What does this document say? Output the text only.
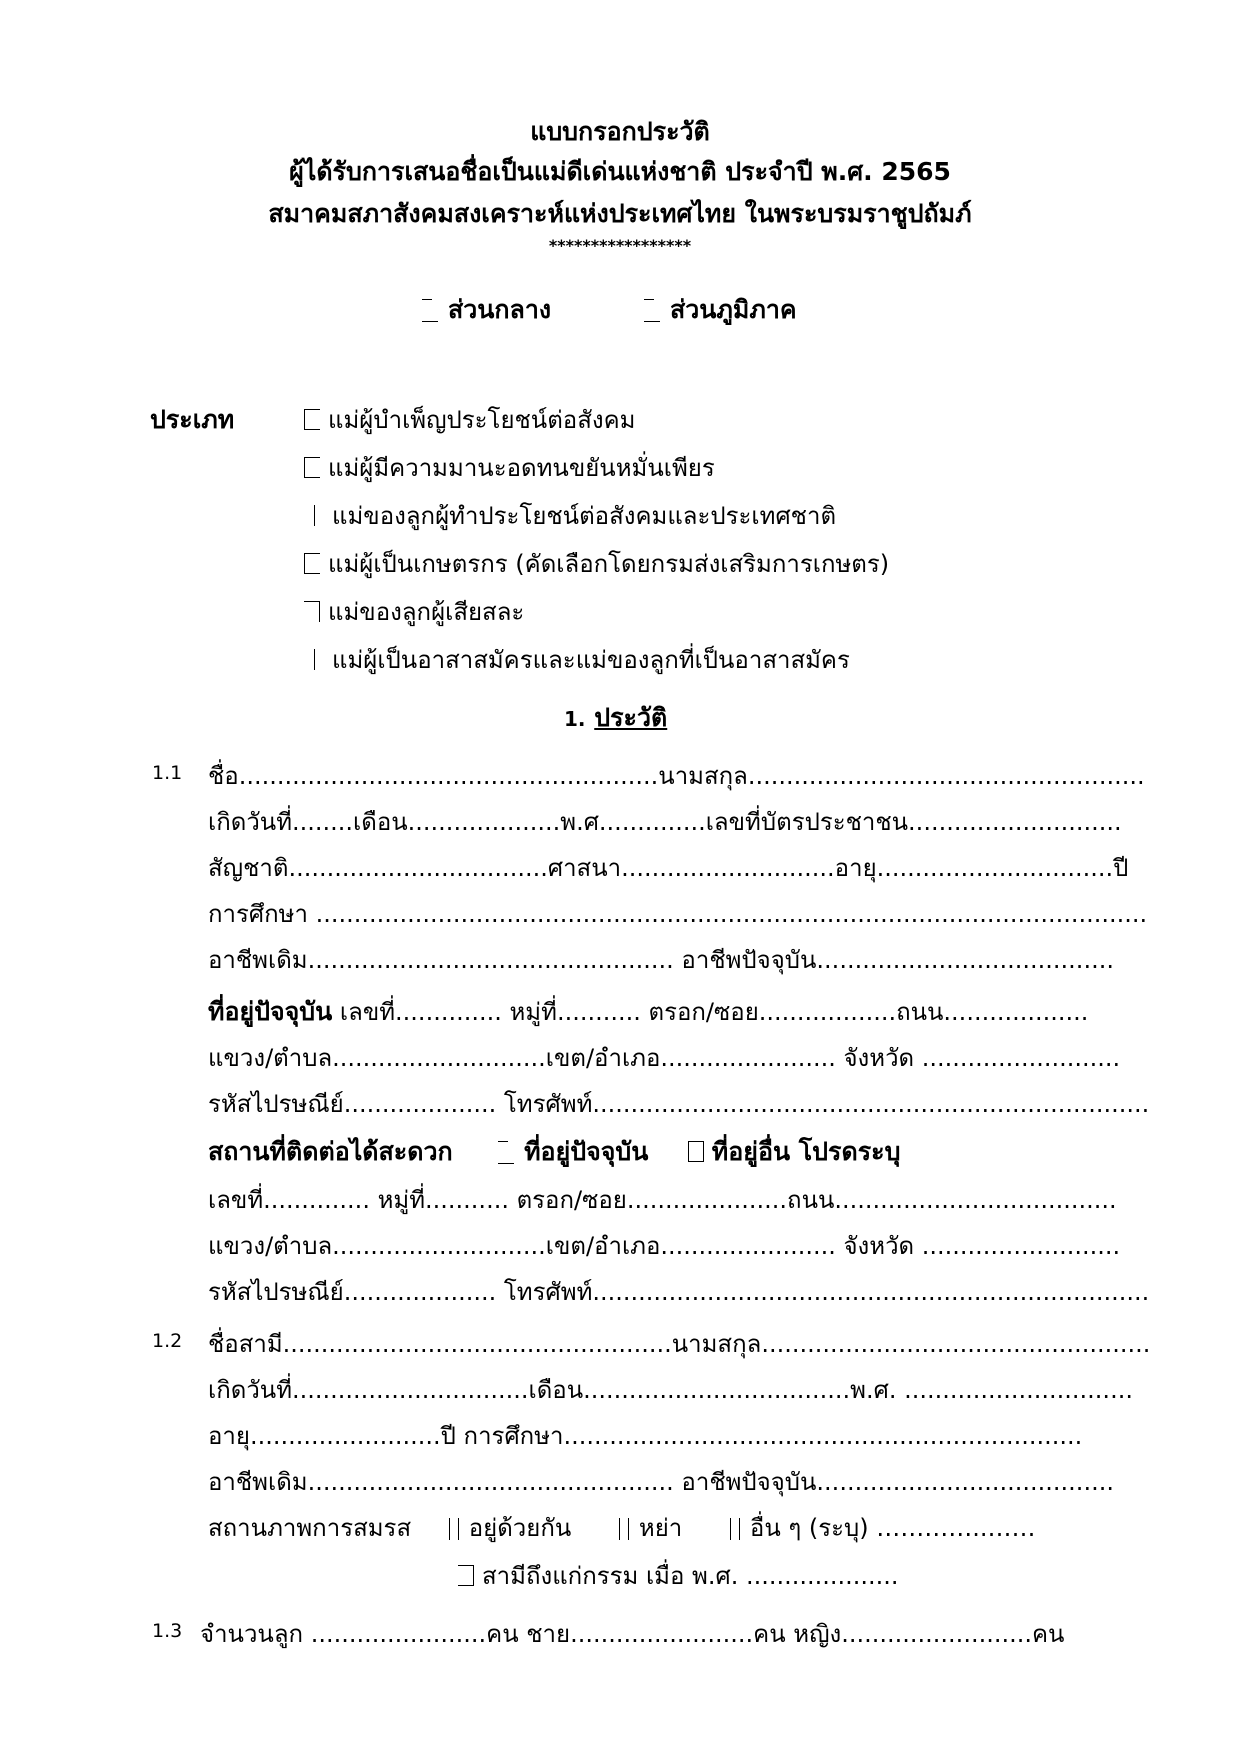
แบบกรอกประวัติ
ผู้ได้รับการเสนอชื่อเป็นแม่ดีเด่นแห่งชาติ ประจำปี พ.ศ. 2565
สมาคมสภาสังคมสงเคราะห์แห่งประเทศไทย ในพระบรมราชูปถัมภ์
*****************
ส่วนกลาง	ส่วนภูมิภาค
ประเภท	แม่ผู้บำเพ็ญประโยชน์ต่อสังคม
แม่ผู้มีความมานะอดทนขยันหมั่นเพียร
แม่ของลูกผู้ทำประโยชน์ต่อสังคมและประเทศชาติ
แม่ผู้เป็นเกษตรกร (คัดเลือกโดยกรมส่งเสริมการเกษตร)
แม่ของลูกผู้เสียสละ
แม่ผู้เป็นอาสาสมัครและแม่ของลูกที่เป็นอาสาสมัคร
1. ประวัติ
1.1 ชื่อ.......................................................นามสกุล....................................................
เกิดวันที่........เดือน....................พ.ศ..............เลขที่บัตรประชาชน............................
สัญชาติ..................................ศาสนา............................อายุ...............................ปี
การศึกษา .............................................................................................................
อาชีพเดิม................................................ อาชีพปัจจุบัน.......................................
ที่อยู่ปัจจุบัน เลขที่.............. หมู่ที่........... ตรอก/ซอย..................ถนน...................
แขวง/ตำบล............................เขต/อำเภอ....................... จังหวัด ..........................
รหัสไปรษณีย์.................... โทรศัพท์.........................................................................
สถานที่ติดต่อได้สะดวก	ที่อยู่ปัจจุบัน	ที่อยู่อื่น โปรดระบุ
เลขที่.............. หมู่ที่........... ตรอก/ซอย.....................ถนน.....................................
แขวง/ตำบล............................เขต/อำเภอ....................... จังหวัด ..........................
รหัสไปรษณีย์.................... โทรศัพท์.........................................................................
1.2 ชื่อสามี...................................................นามสกุล...................................................
เกิดวันที่...............................เดือน...................................พ.ศ. ..............................
อายุ.........................ปี การศึกษา....................................................................
อาชีพเดิม................................................ อาชีพปัจจุบัน.......................................
สถานภาพการสมรส อยู่ด้วยกัน	หย่า	อื่น ๆ (ระบุ) …………..……
สามีถึงแก่กรรม เมื่อ พ.ศ. ....................
1.3 จำนวนลูก .......................คน ชาย........................คน หญิง.........................คน
